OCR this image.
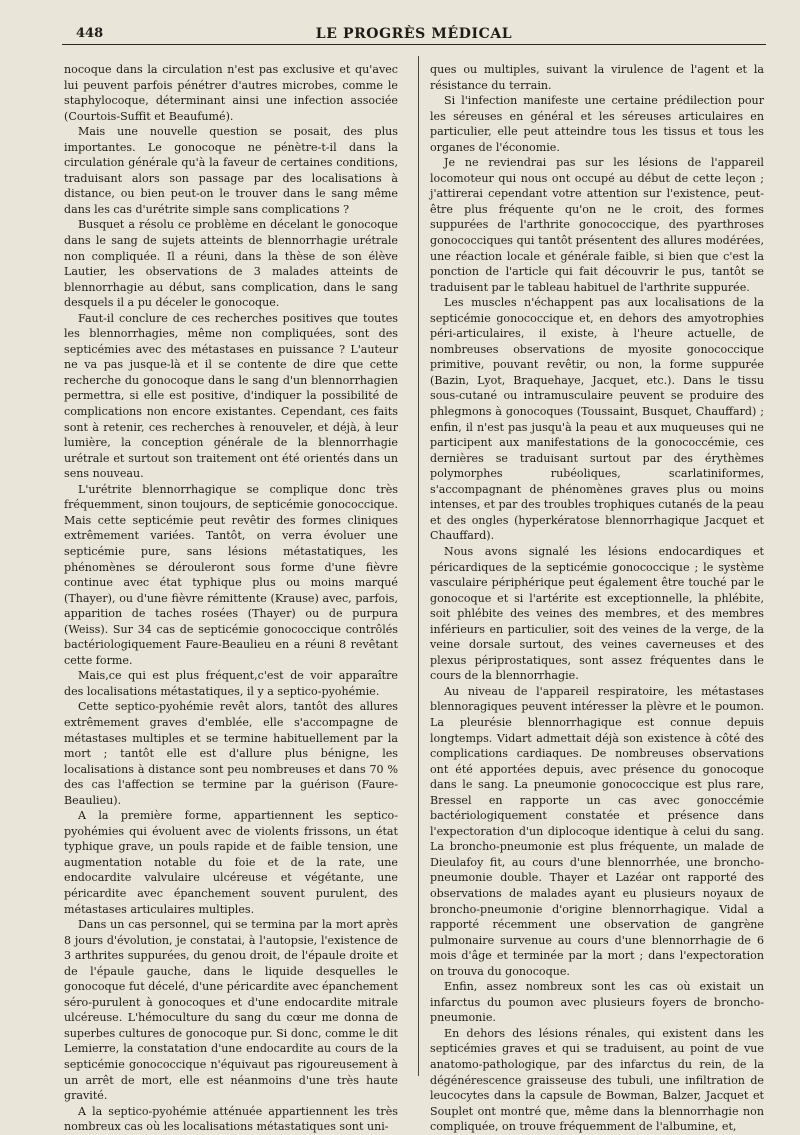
448	LE PROGRÈS MÉDICAL

nocoque dans la circulation n'est pas exclusive et qu'avec lui peuvent parfois pénétrer d'autres microbes, comme le staphylocoque, déterminant ainsi une infection associée (Courtois-Suffit et Beaufumé).

Mais une nouvelle question se posait, des plus importantes. Le gonocoque ne pénètre-t-il dans la circulation générale qu'à la faveur de certaines conditions, traduisant alors son passage par des localisations à distance, ou bien peut-on le trouver dans le sang même dans les cas d'urétrite simple sans complications ?

Busquet a résolu ce problème en décelant le gonocoque dans le sang de sujets atteints de blennorrhagie urétrale non compliquée. Il a réuni, dans la thèse de son élève Lautier, les observations de 3 malades atteints de blennorrhagie au début, sans complication, dans le sang desquels il a pu déceler le gonocoque.

Faut-il conclure de ces recherches positives que toutes les blennorrhagies, même non compliquées, sont des septicémies avec des métastases en puissance ? L'auteur ne va pas jusque-là et il se contente de dire que cette recherche du gonocoque dans le sang d'un blennorrhagien permettra, si elle est positive, d'indiquer la possibilité de complications non encore existantes. Cependant, ces faits sont à retenir, ces recherches à renouveler, et déjà, à leur lumière, la conception générale de la blennorrhagie urétrale et surtout son traitement ont été orientés dans un sens nouveau.

L'urétrite blennorrhagique se complique donc très fréquemment, sinon toujours, de septicémie gonococcique. Mais cette septicémie peut revêtir des formes cliniques extrêmement variées. Tantôt, on verra évoluer une septicémie pure, sans lésions métastatiques, les phénomènes se dérouleront sous forme d'une fièvre continue avec état typhique plus ou moins marqué (Thayer), ou d'une fièvre rémittente (Krause) avec, parfois, apparition de taches rosées (Thayer) ou de purpura (Weiss). Sur 34 cas de septicémie gonococcique contrôlés bactériologiquement Faure-Beaulieu en a réuni 8 revêtant cette forme.

Mais,ce qui est plus fréquent,c'est de voir apparaître des localisations métastatiques, il y a septico-pyohémie.

Cette septico-pyohémie revêt alors, tantôt des allures extrêmement graves d'emblée, elle s'accompagne de métastases multiples et se termine habituellement par la mort ; tantôt elle est d'allure plus bénigne, les localisations à distance sont peu nombreuses et dans 70 % des cas l'affection se termine par la guérison (Faure-Beaulieu).

A la première forme, appartiennent les septico-pyohémies qui évoluent avec de violents frissons, un état typhique grave, un pouls rapide et de faible tension, une augmentation notable du foie et de la rate, une endocardite valvulaire ulcéreuse et végétante, une péricardite avec épanchement souvent purulent, des métastases articulaires multiples.

Dans un cas personnel, qui se termina par la mort après 8 jours d'évolution, je constatai, à l'autopsie, l'existence de 3 arthrites suppurées, du genou droit, de l'épaule droite et de l'épaule gauche, dans le liquide desquelles le gonocoque fut décelé, d'une péricardite avec épanchement séro-purulent à gonocoques et d'une endocardite mitrale ulcéreuse. L'hémoculture du sang du cœur me donna de superbes cultures de gonocoque pur. Si donc, comme le dit Lemierre, la constatation d'une endocardite au cours de la septicémie gonococcique n'équivaut pas rigoureusement à un arrêt de mort, elle est néanmoins d'une très haute gravité.

A la septico-pyohémie atténuée appartiennent les très nombreux cas où les localisations métastatiques sont uni-

ques ou multiples, suivant la virulence de l'agent et la résistance du terrain.

Si l'infection manifeste une certaine prédilection pour les séreuses en général et les séreuses articulaires en particulier, elle peut atteindre tous les tissus et tous les organes de l'économie.

Je ne reviendrai pas sur les lésions de l'appareil locomoteur qui nous ont occupé au début de cette leçon ; j'attirerai cependant votre attention sur l'existence, peut-être plus fréquente qu'on ne le croit, des formes suppurées de l'arthrite gonococcique, des pyarthroses gonococciques qui tantôt présentent des allures modérées, une réaction locale et générale faible, si bien que c'est la ponction de l'article qui fait découvrir le pus, tantôt se traduisent par le tableau habituel de l'arthrite suppurée.

Les muscles n'échappent pas aux localisations de la septicémie gonococcique et, en dehors des amyotrophies péri-articulaires, il existe, à l'heure actuelle, de nombreuses observations de myosite gonococcique primitive, pouvant revêtir, ou non, la forme suppurée (Bazin, Lyot, Braquehaye, Jacquet, etc.). Dans le tissu sous-cutané ou intramusculaire peuvent se produire des phlegmons à gonocoques (Toussaint, Busquet, Chauffard) ; enfin, il n'est pas jusqu'à la peau et aux muqueuses qui ne participent aux manifestations de la gonococcémie, ces dernières se traduisant surtout par des érythèmes polymorphes rubéoliques, scarlatiniformes, s'accompagnant de phénomènes graves plus ou moins intenses, et par des troubles trophiques cutanés de la peau et des ongles (hyperkératose blennorrhagique Jacquet et Chauffard).

Nous avons signalé les lésions endocardiques et péricardiques de la septicémie gonococcique ; le système vasculaire périphérique peut également être touché par le gonocoque et si l'artérite est exceptionnelle, la phlébite, soit phlébite des veines des membres, et des membres inférieurs en particulier, soit des veines de la verge, de la veine dorsale surtout, des veines caverneuses et des plexus périprostatiques, sont assez fréquentes dans le cours de la blennorrhagie.

Au niveau de l'appareil respiratoire, les métastases blennoragiques peuvent intéresser la plèvre et le poumon. La pleurésie blennorrhagique est connue depuis longtemps. Vidart admettait déjà son existence à côté des complications cardiaques. De nombreuses observations ont été apportées depuis, avec présence du gonocoque dans le sang. La pneumonie gonococcique est plus rare, Bressel en rapporte un cas avec gonoccémie bactériologiquement constatée et présence dans l'expectoration d'un diplocoque identique à celui du sang. La broncho-pneumonie est plus fréquente, un malade de Dieulafoy fit, au cours d'une blennorrhée, une broncho-pneumonie double. Thayer et Lazéar ont rapporté des observations de malades ayant eu plusieurs noyaux de broncho-pneumonie d'origine blennorrhagique. Vidal a rapporté récemment une observation de gangrène pulmonaire survenue au cours d'une blennorrhagie de 6 mois d'âge et terminée par la mort ; dans l'expectoration on trouva du gonocoque.

Enfin, assez nombreux sont les cas où existait un infarctus du poumon avec plusieurs foyers de broncho-pneumonie.

En dehors des lésions rénales, qui existent dans les septicémies graves et qui se traduisent, au point de vue anatomo-pathologique, par des infarctus du rein, de la dégénérescence graisseuse des tubuli, une infiltration de leucocytes dans la capsule de Bowman, Balzer, Jacquet et Souplet ont montré que, même dans la blennorrhagie non compliquée, on trouve fréquemment de l'albumine, et,
